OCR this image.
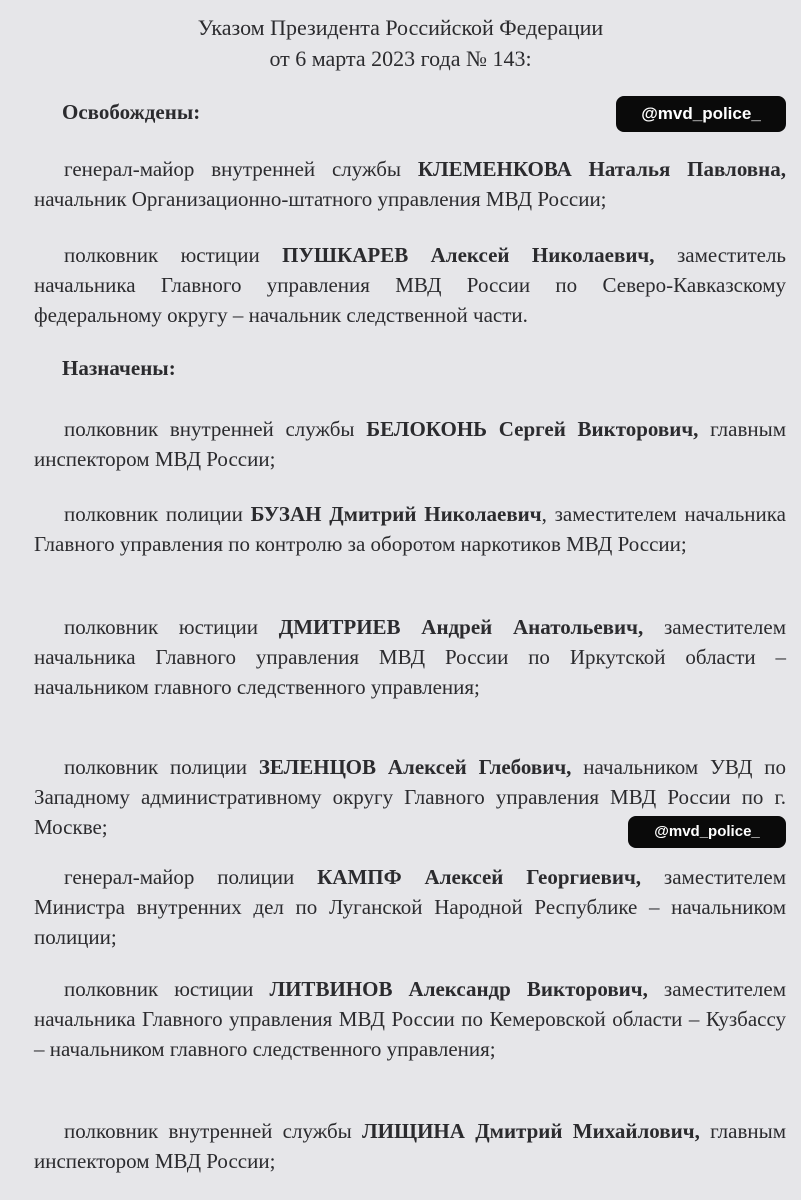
Указом Президента Российской Федерации
от 6 марта 2023 года № 143:
@mvd_police_
Освобождены:
генерал-майор внутренней службы КЛЕМЕНКОВА Наталья Павловна, начальник Организационно-штатного управления МВД России;
полковник юстиции ПУШКАРЕВ Алексей Николаевич, заместитель начальника Главного управления МВД России по Северо-Кавказскому федеральному округу – начальник следственной части.
Назначены:
полковник внутренней службы БЕЛОКОНЬ Сергей Викторович, главным инспектором МВД России;
полковник полиции БУЗАН Дмитрий Николаевич, заместителем начальника Главного управления по контролю за оборотом наркотиков МВД России;
полковник юстиции ДМИТРИЕВ Андрей Анатольевич, заместителем начальника Главного управления МВД России по Иркутской области – начальником главного следственного управления;
полковник полиции ЗЕЛЕНЦОВ Алексей Глебович, начальником УВД по Западному административному округу Главного управления МВД России по г. Москве;	@mvd_police_
генерал-майор полиции КАМПФ Алексей Георгиевич, заместителем Министра внутренних дел по Луганской Народной Республике – начальником полиции;
полковник юстиции ЛИТВИНОВ Александр Викторович, заместителем начальника Главного управления МВД России по Кемеровской области – Кузбассу – начальником главного следственного управления;
полковник внутренней службы ЛИЩИНА Дмитрий Михайлович, главным инспектором МВД России;
